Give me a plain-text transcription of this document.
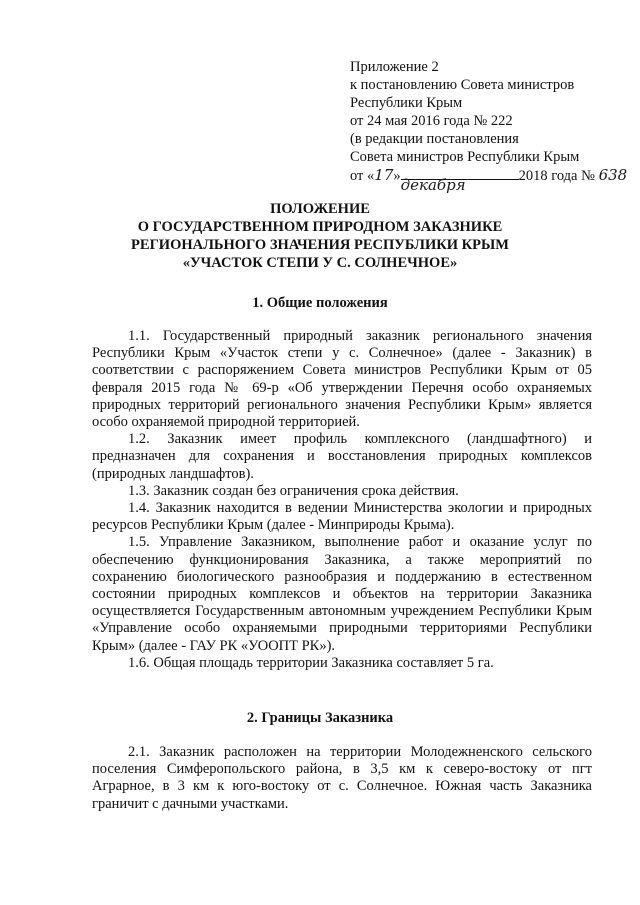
Приложение 2
к постановлению Совета министров
Республики Крым
от 24 мая 2016 года № 222
(в редакции постановления
Совета министров Республики Крым
от «17» декабря	2018 года № 638
ПОЛОЖЕНИЕ
О ГОСУДАРСТВЕННОМ ПРИРОДНОМ ЗАКАЗНИКЕ
РЕГИОНАЛЬНОГО ЗНАЧЕНИЯ РЕСПУБЛИКИ КРЫМ
«УЧАСТОК СТЕПИ У С. СОЛНЕЧНОЕ»
1. Общие положения

1.1. Государственный природный заказник регионального значения Республики Крым «Участок степи у с. Солнечное» (далее - Заказник) в соответствии с распоряжением Совета министров Республики Крым от 05 февраля 2015 года № 69-р «Об утверждении Перечня особо охраняемых природных территорий регионального значения Республики Крым» является особо охраняемой природной территорией.

1.2. Заказник имеет профиль комплексного (ландшафтного) и предназначен для сохранения и восстановления природных комплексов (природных ландшафтов).

1.3. Заказник создан без ограничения срока действия.

1.4. Заказник находится в ведении Министерства экологии и природных ресурсов Республики Крым (далее - Минприроды Крыма).

1.5. Управление Заказником, выполнение работ и оказание услуг по обеспечению функционирования Заказника, а также мероприятий по сохранению биологического разнообразия и поддержанию в естественном состоянии природных комплексов и объектов на территории Заказника осуществляется Государственным автономным учреждением Республики Крым «Управление особо охраняемыми природными территориями Республики Крым» (далее - ГАУ РК «УООПТ РК»).

1.6. Общая площадь территории Заказника составляет 5 га.

2. Границы Заказника

2.1. Заказник расположен на территории Молодежненского сельского поселения Симферопольского района, в 3,5 км к северо-востоку от пгт Аграрное, в 3 км к юго-востоку от с. Солнечное. Южная часть Заказника граничит с дачными участками.
